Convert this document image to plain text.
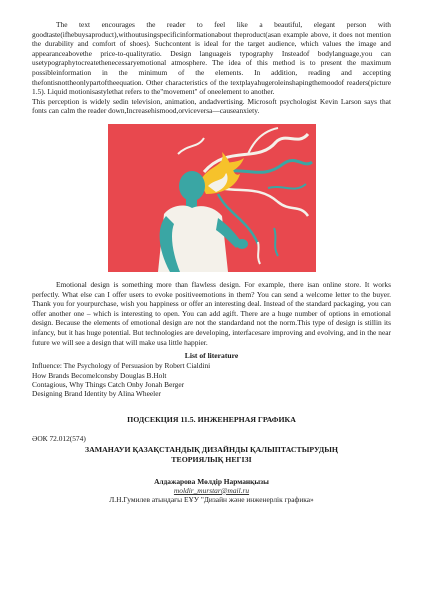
The text encourages the reader to feel like a beautiful, elegant person with goodtaste(ifhebuysaproduct),withoutusingspecificinformationabout theproduct(asan example above, it does not mention the durability and comfort of shoes). Suchcontent is ideal for the target audience, which values the image and appearanceabovethe price-to-qualityratio. Design languageis typography Insteadof bodylanguage,you can usetypographytocreatethenecessaryemotional atmosphere. The idea of this method is to present the maximum possibleinformation in the minimum of the elements. In addition, reading and accepting thefontisnottheonlypartoftheequation. Other characteristics of the textplayahugeroleinshapingthemoodof readers(picture 1.5). Liquid motionisastylethat refers to the"movement" of oneelement to another.

This perception is widely sedin television, animation, andadvertising. Microsoft psychologist Kevin Larson says that fonts can calm the reader down,Increasehismood,orviceversa—causeanxiety.

Emotional design is something more than flawless design. For example, there isan online store. It works perfectly. What else can I offer users to evoke positiveemotions in them? You can send a welcome letter to the buyer. Thank you for yourpurchase, wish you happiness or offer an interesting deal. Instead of the standard packaging, you can offer another one – which is interesting to open. You can add agift. There are a huge number of options in emotional design. Because the elements of emotional design are not the standardand not the norm.This type of design is stillin its infancy, but it has huge potential. But technologies are developing, interfacesare improving and evolving, and in the near future we will see a design that will make usa little happier.

List of literature

Influence: The Psychology of Persuasion by Robert Cialdini
How Brands Becomelconsby Douglas B.Holt
Contagious, Why Things Catch Onby Jonah Berger
Designing Brand Identity by Alina Wheeler

ПОДСЕКЦИЯ 11.5. ИНЖЕНЕРНАЯ ГРАФИКА

ӘОК 72.012(574)

ЗАМАНАУИ ҚАЗАҚСТАНДЫҚ ДИЗАЙНДЫ ҚАЛЫПТАСТЫРУДЫҢ
ТЕОРИЯЛЫҚ НЕГІЗІ

Алдажарова Мөлдір Нарманқызы

moldir_murstar@mail.ru

Л.Н.Гумилев атындағы ЕҰУ "Дизайн және инженерлік графика»
